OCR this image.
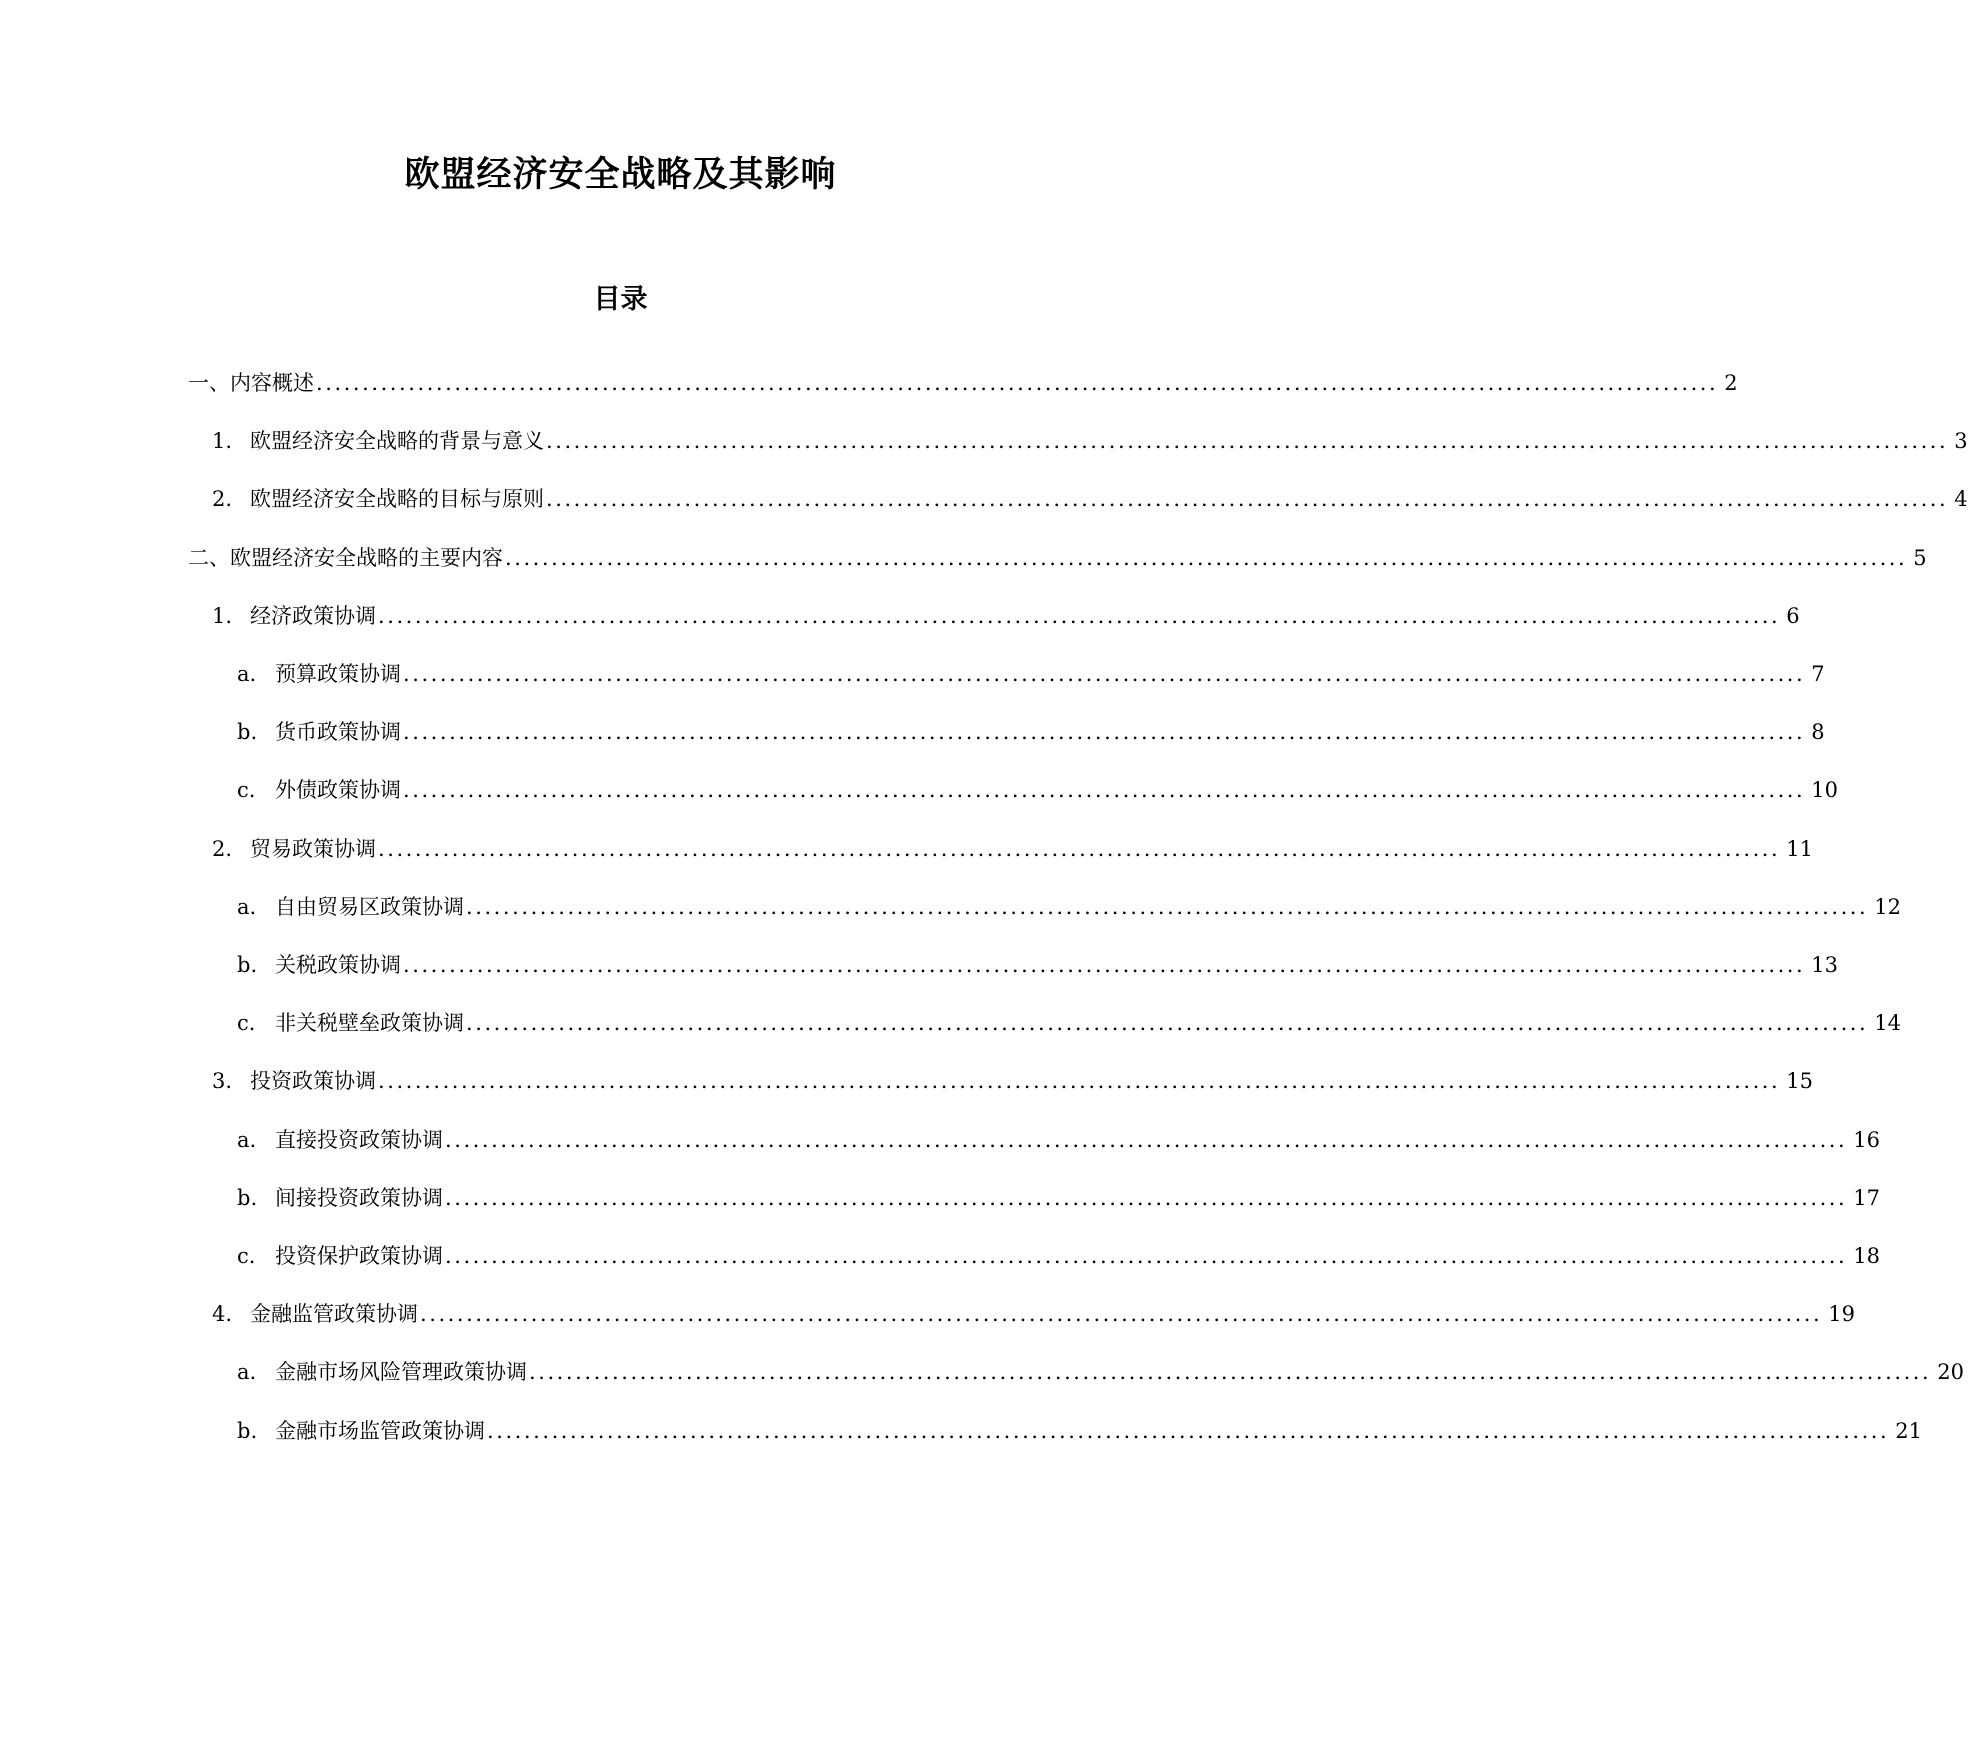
欧盟经济安全战略及其影响
目录
一、 内容概述 ........................................................................................................................................................ 2
1. 欧盟经济安全战略的背景与意义 ........................................................................................................................................................ 3
2. 欧盟经济安全战略的目标与原则 ........................................................................................................................................................ 4
二、 欧盟经济安全战略的主要内容 ........................................................................................................................................................ 5
1. 经济政策协调 ........................................................................................................................................................ 6
a. 预算政策协调 ........................................................................................................................................................ 7
b. 货币政策协调 ........................................................................................................................................................ 8
c. 外债政策协调 ........................................................................................................................................................ 10
2. 贸易政策协调 ........................................................................................................................................................ 11
a. 自由贸易区政策协调 ........................................................................................................................................................ 12
b. 关税政策协调 ........................................................................................................................................................ 13
c. 非关税壁垒政策协调 ........................................................................................................................................................ 14
3. 投资政策协调 ........................................................................................................................................................ 15
a. 直接投资政策协调 ........................................................................................................................................................ 16
b. 间接投资政策协调 ........................................................................................................................................................ 17
c. 投资保护政策协调 ........................................................................................................................................................ 18
4. 金融监管政策协调 ........................................................................................................................................................ 19
a. 金融市场风险管理政策协调 ........................................................................................................................................................ 20
b. 金融市场监管政策协调 ........................................................................................................................................................ 21
